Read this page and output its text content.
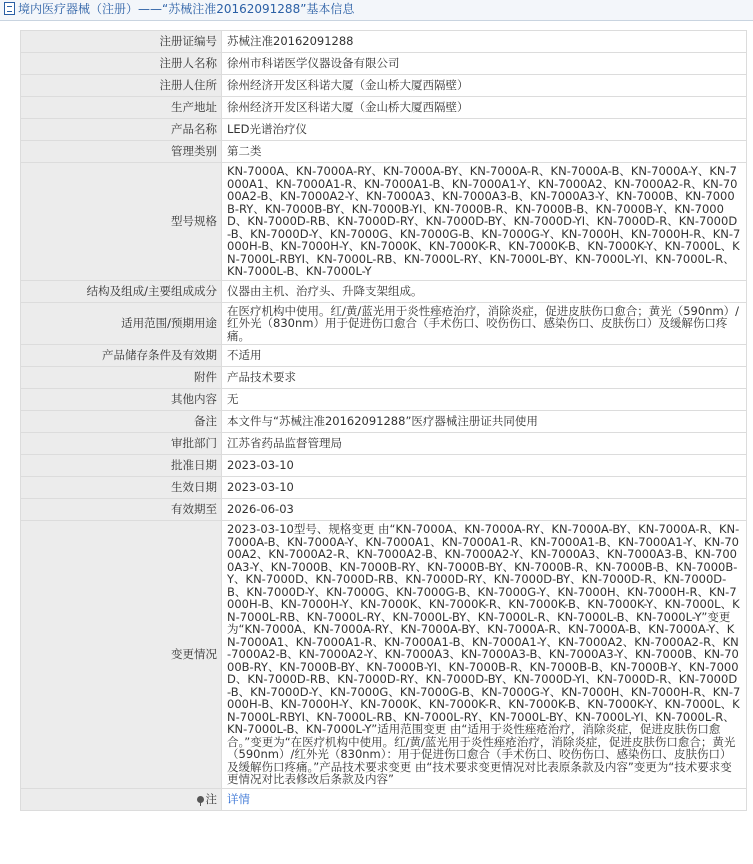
境内医疗器械（注册）——“苏械注准20162091288”基本信息
注册证编号	苏械注准20162091288
注册人名称	徐州市科诺医学仪器设备有限公司
注册人住所	徐州经济开发区科诺大厦（金山桥大厦西隔壁）
生产地址	徐州经济开发区科诺大厦（金山桥大厦西隔壁）
产品名称	LED光谱治疗仪
管理类别	第二类
型号规格	KN-7000A、KN-7000A-RY、KN-7000A-BY、KN-7000A-R、KN-7000A-B、KN-7000A-Y、KN-7000A1、KN-7000A1-R、KN-7000A1-B、KN-7000A1-Y、KN-7000A2、KN-7000A2-R、KN-7000A2-B、KN-7000A2-Y、KN-7000A3、KN-7000A3-B、KN-7000A3-Y、KN-7000B、KN-7000B-RY、KN-7000B-BY、KN-7000B-YI、KN-7000B-R、KN-7000B-B、KN-7000B-Y、KN-7000D、KN-7000D-RB、KN-7000D-RY、KN-7000D-BY、KN-7000D-YI、KN-7000D-R、KN-7000D-B、KN-7000D-Y、KN-7000G、KN-7000G-B、KN-7000G-Y、KN-7000H、KN-7000H-R、KN-7000H-B、KN-7000H-Y、KN-7000K、KN-7000K-R、KN-7000K-B、KN-7000K-Y、KN-7000L、KN-7000L-RBYI、KN-7000L-RB、KN-7000L-RY、KN-7000L-BY、KN-7000L-YI、KN-7000L-R、KN-7000L-B、KN-7000L-Y
结构及组成/主要组成成分	仪器由主机、治疗头、升降支架组成。
适用范围/预期用途	在医疗机构中使用。红/黄/蓝光用于炎性痤疮治疗，消除炎症，促进皮肤伤口愈合；黄光（590nm）/红外光（830nm）用于促进伤口愈合（手术伤口、咬伤伤口、感染伤口、皮肤伤口）及缓解伤口疼痛。
产品储存条件及有效期	不适用
附件	产品技术要求
其他内容	无
备注	本文件与“苏械注准20162091288”医疗器械注册证共同使用
审批部门	江苏省药品监督管理局
批准日期	2023-03-10
生效日期	2023-03-10
有效期至	2026-06-03
变更情况	2023-03-10型号、规格变更 由“KN-7000A、KN-7000A-RY、KN-7000A-BY、KN-7000A-R、KN-7000A-B、KN-7000A-Y、KN-7000A1、KN-7000A1-R、KN-7000A1-B、KN-7000A1-Y、KN-7000A2、KN-7000A2-R、KN-7000A2-B、KN-7000A2-Y、KN-7000A3、KN-7000A3-B、KN-7000A3-Y、KN-7000B、KN-7000B-RY、KN-7000B-BY、KN-7000B-R、KN-7000B-B、KN-7000B-Y、KN-7000D、KN-7000D-RB、KN-7000D-RY、KN-7000D-BY、KN-7000D-R、KN-7000D-B、KN-7000D-Y、KN-7000G、KN-7000G-B、KN-7000G-Y、KN-7000H、KN-7000H-R、KN-7000H-B、KN-7000H-Y、KN-7000K、KN-7000K-R、KN-7000K-B、KN-7000K-Y、KN-7000L、KN-7000L-RB、KN-7000L-RY、KN-7000L-BY、KN-7000L-R、KN-7000L-B、KN-7000L-Y”变更为“KN-7000A、KN-7000A-RY、KN-7000A-BY、KN-7000A-R、KN-7000A-B、KN-7000A-Y、KN-7000A1、KN-7000A1-R、KN-7000A1-B、KN-7000A1-Y、KN-7000A2、KN-7000A2-R、KN-7000A2-B、KN-7000A2-Y、KN-7000A3、KN-7000A3-B、KN-7000A3-Y、KN-7000B、KN-7000B-RY、KN-7000B-BY、KN-7000B-YI、KN-7000B-R、KN-7000B-B、KN-7000B-Y、KN-7000D、KN-7000D-RB、KN-7000D-RY、KN-7000D-BY、KN-7000D-YI、KN-7000D-R、KN-7000D-B、KN-7000D-Y、KN-7000G、KN-7000G-B、KN-7000G-Y、KN-7000H、KN-7000H-R、KN-7000H-B、KN-7000H-Y、KN-7000K、KN-7000K-R、KN-7000K-B、KN-7000K-Y、KN-7000L、KN-7000L-RBYI、KN-7000L-RB、KN-7000L-RY、KN-7000L-BY、KN-7000L-YI、KN-7000L-R、KN-7000L-B、KN-7000L-Y”适用范围变更 由“适用于炎性痤疮治疗，消除炎症，促进皮肤伤口愈合。”变更为“在医疗机构中使用。红/黄/蓝光用于炎性痤疮治疗，消除炎症，促进皮肤伤口愈合；黄光（590nm）/红外光（830nm）：用于促进伤口愈合（手术伤口、咬伤伤口、感染伤口、皮肤伤口）及缓解伤口疼痛。”产品技术要求变更 由“技术要求变更情况对比表原条款及内容”变更为“技术要求变更情况对比表修改后条款及内容”
注	详情
